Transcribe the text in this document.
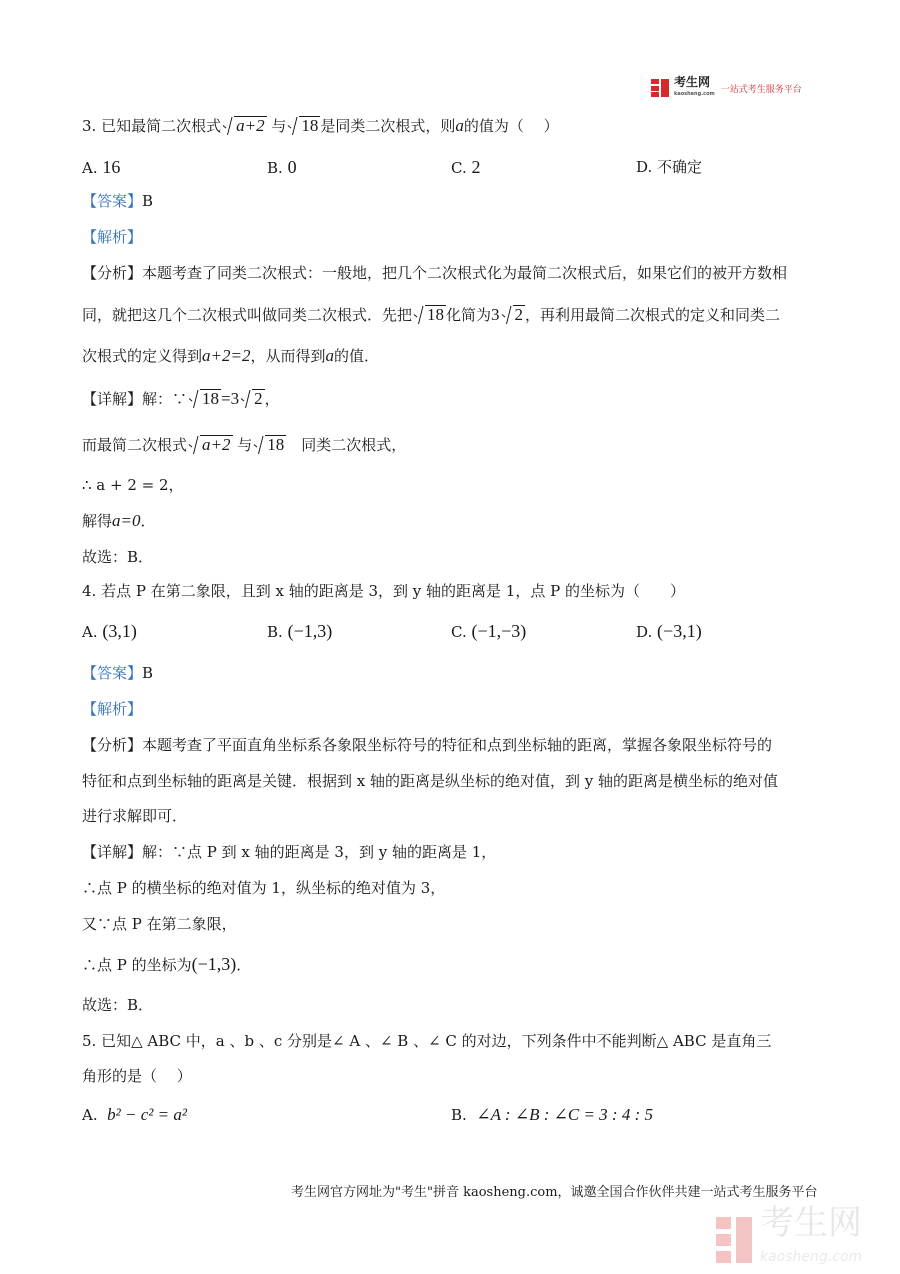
考生网
kaosheng.com 一站式考生服务平台
3. 已知最简二次根式 a+2 与 18 是同类二次根式，则a的值为（　 ）
A. 16	B. 0	C. 2	D. 不确定
【答案】B
【解析】
【分析】本题考查了同类二次根式：一般地，把几个二次根式化为最简二次根式后，如果它们的被开方数相
同，就把这几个二次根式叫做同类二次根式．先把 18 化简为3 2 ，再利用最简二次根式的定义和同类二
次根式的定义得到a+2=2，从而得到a的值．
【详解】解：∵ 18 =3 2 ，
而最简二次根式 a+2 与 18　同类二次根式，
∴ a + 2 = 2，
解得a=0．
故选：B．
4. 若点 P 在第二象限，且到 x 轴的距离是 3，到 y 轴的距离是 1，点 P 的坐标为（　　）
A. (3,1)	B. (−1,3)	C. (−1,−3)	D. (−3,1)
【答案】B
【解析】
【分析】本题考查了平面直角坐标系各象限坐标符号的特征和点到坐标轴的距离，掌握各象限坐标符号的
特征和点到坐标轴的距离是关键．根据到 x 轴的距离是纵坐标的绝对值，到 y 轴的距离是横坐标的绝对值
进行求解即可．
【详解】解：∵点 P 到 x 轴的距离是 3，到 y 轴的距离是 1，
∴点 P 的横坐标的绝对值为 1，纵坐标的绝对值为 3，
又∵点 P 在第二象限，
∴点 P 的坐标为(−1,3)．
故选：B．
5. 已知△ ABC 中，a 、b 、c 分别是∠ A 、∠ B 、∠ C 的对边，下列条件中不能判断△ ABC 是直角三
角形的是（　 ）
A. b² − c² = a²	B. ∠A : ∠B : ∠C = 3 : 4 : 5
考生网官方网址为"考生"拼音 kaosheng.com，诚邀全国合作伙伴共建一站式考生服务平台
考生网
kaosheng.com
